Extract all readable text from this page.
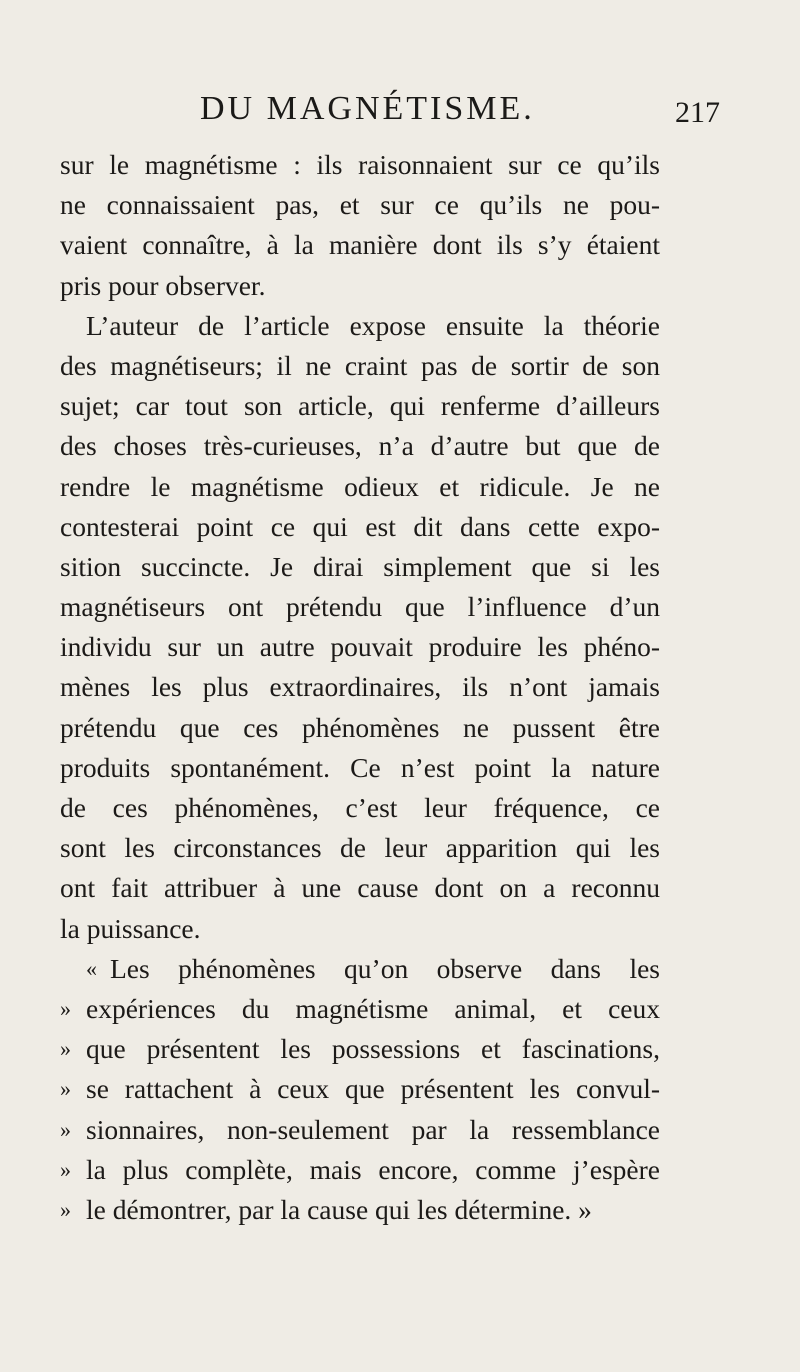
DU MAGNÉTISME.	217
sur le magnétisme : ils raisonnaient sur ce qu’ils
ne connaissaient pas, et sur ce qu’ils ne pou-
vaient connaître, à la manière dont ils s’y étaient
pris pour observer.
L’auteur de l’article expose ensuite la théorie
des magnétiseurs; il ne craint pas de sortir de son
sujet; car tout son article, qui renferme d’ailleurs
des choses très-curieuses, n’a d’autre but que de
rendre le magnétisme odieux et ridicule. Je ne
contesterai point ce qui est dit dans cette expo-
sition succincte. Je dirai simplement que si les
magnétiseurs ont prétendu que l’influence d’un
individu sur un autre pouvait produire les phéno-
mènes les plus extraordinaires, ils n’ont jamais
prétendu que ces phénomènes ne pussent être
produits spontanément. Ce n’est point la nature
de ces phénomènes, c’est leur fréquence, ce
sont les circonstances de leur apparition qui les
ont fait attribuer à une cause dont on a reconnu
la puissance.
« Les phénomènes qu’on observe dans les
» expériences du magnétisme animal, et ceux
» que présentent les possessions et fascinations,
» se rattachent à ceux que présentent les convul-
» sionnaires, non-seulement par la ressemblance
» la plus complète, mais encore, comme j’espère
» le démontrer, par la cause qui les détermine. »
